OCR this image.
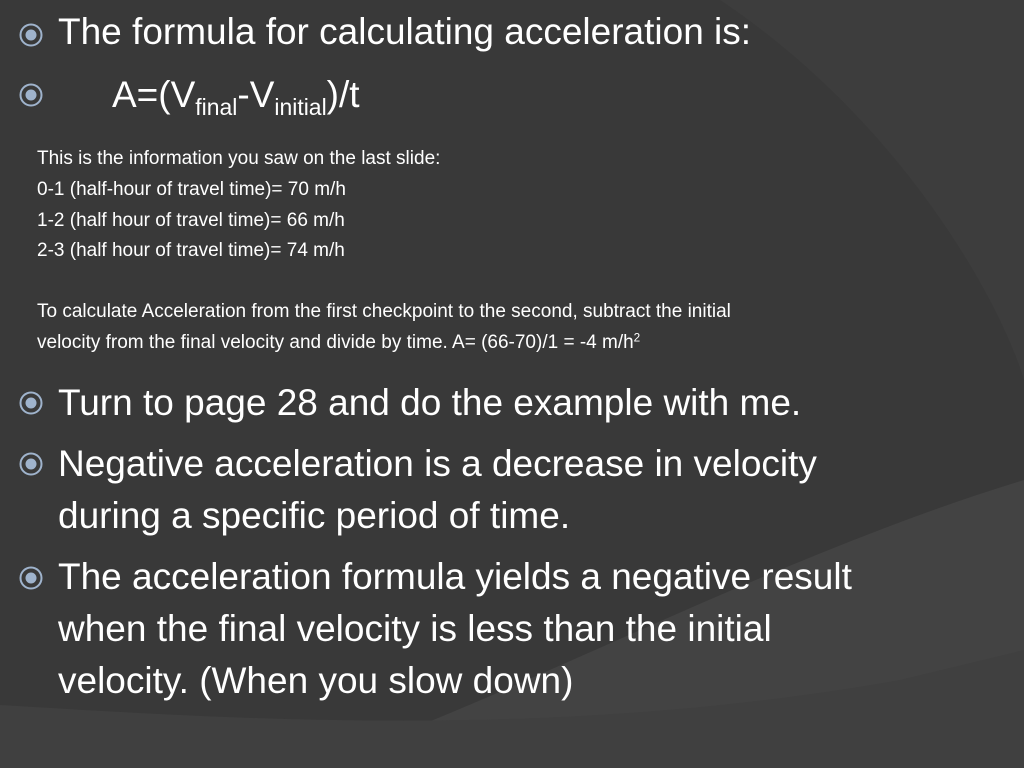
The formula for calculating acceleration is:
$A=(V_{final}-V_{initial})/t$
This is the information you saw on the last slide:
0-1 (half-hour of travel time)= 70 m/h
1-2 (half hour of travel time)= 66 m/h
2-3 (half hour of travel time)= 74 m/h
To calculate Acceleration from the first checkpoint to the second, subtract the initial
velocity from the final velocity and divide by time. A= (66-70)/1 = -4 $m/h^2$
Turn to page 28 and do the example with me.
Negative acceleration is a decrease in velocity
during a specific period of time.
The acceleration formula yields a negative result
when the final velocity is less than the initial
velocity. (When you slow down)
